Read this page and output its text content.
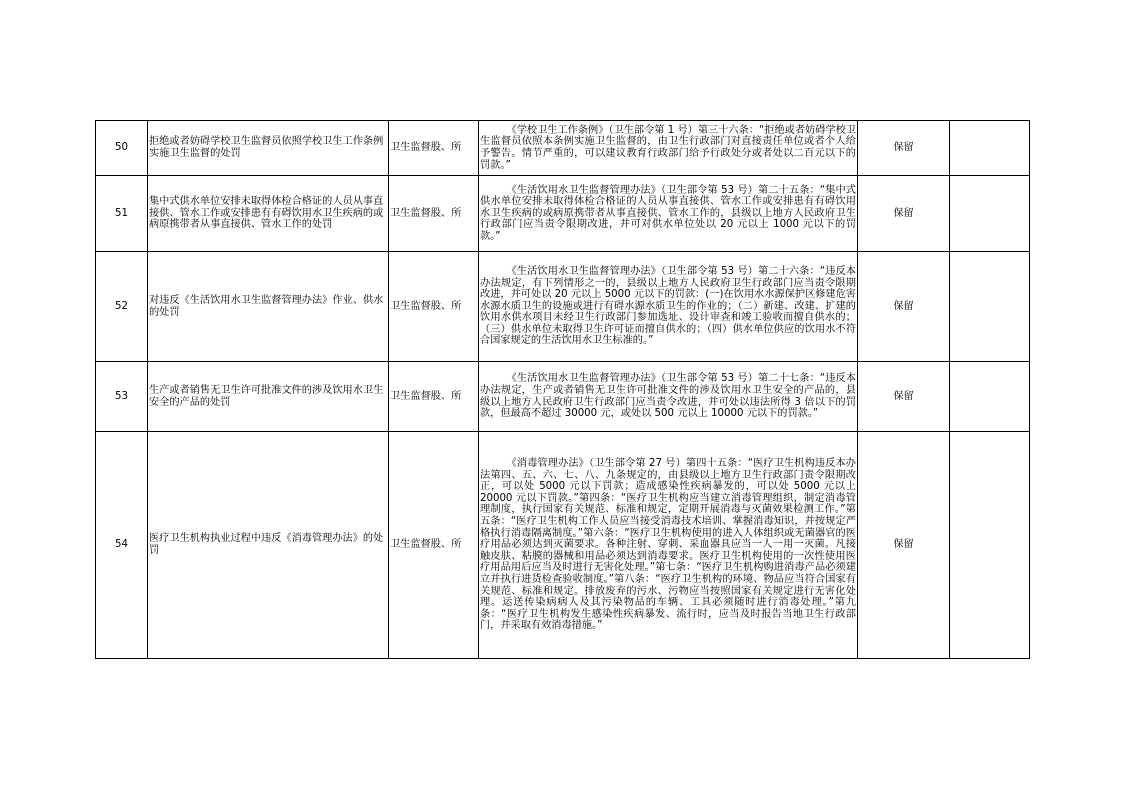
50	拒绝或者妨碍学校卫生监督员依照学校卫生工作条例实施卫生监督的处罚	卫生监督股、所	《学校卫生工作条例》（卫生部令第 1 号）第三十六条：“拒绝或者妨碍学校卫生监督员依照本条例实施卫生监督的，由卫生行政部门对直接责任单位或者个人给予警告。情节严重的，可以建议教育行政部门给予行政处分或者处以二百元以下的罚款。”	保留	
51	集中式供水单位安排未取得体检合格证的人员从事直接供、管水工作或安排患有有碍饮用水卫生疾病的或病原携带者从事直接供、管水工作的处罚	卫生监督股、所	《生活饮用水卫生监督管理办法》（卫生部令第 53 号）第二十五条：“集中式供水单位安排未取得体检合格证的人员从事直接供、管水工作或安排患有有碍饮用水卫生疾病的或病原携带者从事直接供、管水工作的，县级以上地方人民政府卫生行政部门应当责令限期改进，并可对供水单位处以 20 元以上 1000 元以下的罚款。”	保留	
52	对违反《生活饮用水卫生监督管理办法》作业、供水的处罚	卫生监督股、所	《生活饮用水卫生监督管理办法》（卫生部令第 53 号）第二十六条：“违反本办法规定，有下列情形之一的，县级以上地方人民政府卫生行政部门应当责令限期改进，并可处以 20 元以上 5000 元以下的罚款：(一)在饮用水水源保护区修建危害水源水质卫生的设施或进行有碍水源水质卫生的作业的；（二）新建、改建、扩建的饮用水供水项目未经卫生行政部门参加选址、设计审查和竣工验收而擅自供水的；（三）供水单位未取得卫生许可证而擅自供水的；（四）供水单位供应的饮用水不符合国家规定的生活饮用水卫生标准的。”	保留	
53	生产或者销售无卫生许可批准文件的涉及饮用水卫生安全的产品的处罚	卫生监督股、所	《生活饮用水卫生监督管理办法》（卫生部令第 53 号）第二十七条：“违反本办法规定，生产或者销售无卫生许可批准文件的涉及饮用水卫生安全的产品的，县级以上地方人民政府卫生行政部门应当责令改进，并可处以违法所得 3 倍以下的罚款，但最高不超过 30000 元，或处以 500 元以上 10000 元以下的罚款。”	保留	
54	医疗卫生机构执业过程中违反《消毒管理办法》的处罚	卫生监督股、所	《消毒管理办法》（卫生部令第 27 号）第四十五条：“医疗卫生机构违反本办法第四、五、六、七、八、九条规定的，由县级以上地方卫生行政部门责令限期改正，可以处 5000 元以下罚款；造成感染性疾病暴发的，可以处 5000 元以上 20000 元以下罚款。”第四条：“医疗卫生机构应当建立消毒管理组织，制定消毒管理制度，执行国家有关规范、标准和规定，定期开展消毒与灭菌效果检测工作。”第五条：“医疗卫生机构工作人员应当接受消毒技术培训、掌握消毒知识，并按规定严格执行消毒隔离制度。”第六条：“医疗卫生机构使用的进入人体组织或无菌器官的医疗用品必须达到灭菌要求。各种注射、穿刺、采血器具应当一人一用一灭菌。凡接触皮肤、粘膜的器械和用品必须达到消毒要求。医疗卫生机构使用的一次性使用医疗用品用后应当及时进行无害化处理。”第七条：“医疗卫生机构购进消毒产品必须建立并执行进货检查验收制度。”第八条：“医疗卫生机构的环境、物品应当符合国家有关规范、标准和规定。排放废弃的污水、污物应当按照国家有关规定进行无害化处理。运送传染病病人及其污染物品的车辆、工具必须随时进行消毒处理。”第九条：“医疗卫生机构发生感染性疾病暴发、流行时，应当及时报告当地卫生行政部门，并采取有效消毒措施。”	保留	
